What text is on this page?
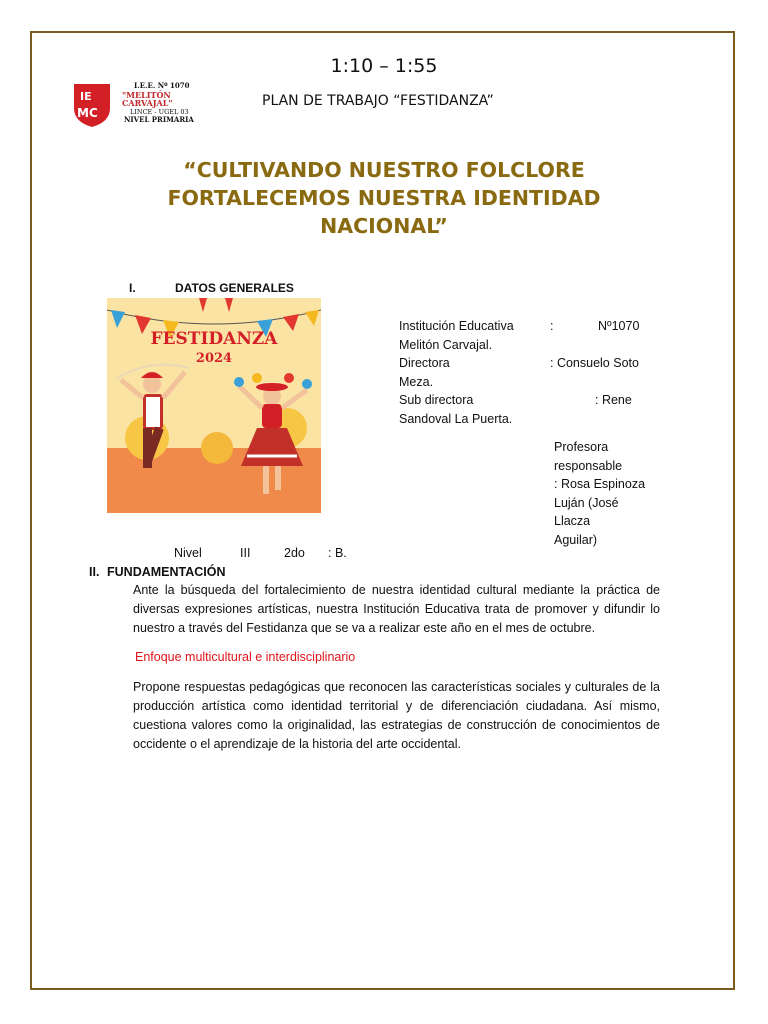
1:10 – 1:55
IE
MC
I.E.E. Nº 1070
"MELITÓN CARVAJAL"
LINCE - UGEL 03
NIVEL PRIMARIA
PLAN DE TRABAJO “FESTIDANZA”
“CULTIVANDO NUESTRO FOLCLORE
FORTALECEMOS NUESTRA IDENTIDAD
NACIONAL”
I.	DATOS GENERALES
FESTIDANZA
2024
Institución Educativa	:	Nº1070
Melitón Carvajal.
Directora	: Consuelo Soto
Meza.
Sub directora	: Rene
Sandoval La Puerta.
Profesora
responsable
: Rosa Espinoza
Luján (José Llacza
Aguilar)
Nivel	III	2do : B.
II. FUNDAMENTACIÓN
Ante la búsqueda del fortalecimiento de nuestra identidad cultural mediante la práctica de diversas expresiones artísticas, nuestra Institución Educativa trata de promover y difundir lo nuestro a través del Festidanza que se va a realizar este año en el mes de octubre.
Enfoque multicultural e interdisciplinario
Propone respuestas pedagógicas que reconocen las características sociales y culturales de la producción artística como identidad territorial y de diferenciación ciudadana. Así mismo, cuestiona valores como la originalidad, las estrategias de construcción de conocimientos de occidente o el aprendizaje de la historia del arte occidental.
